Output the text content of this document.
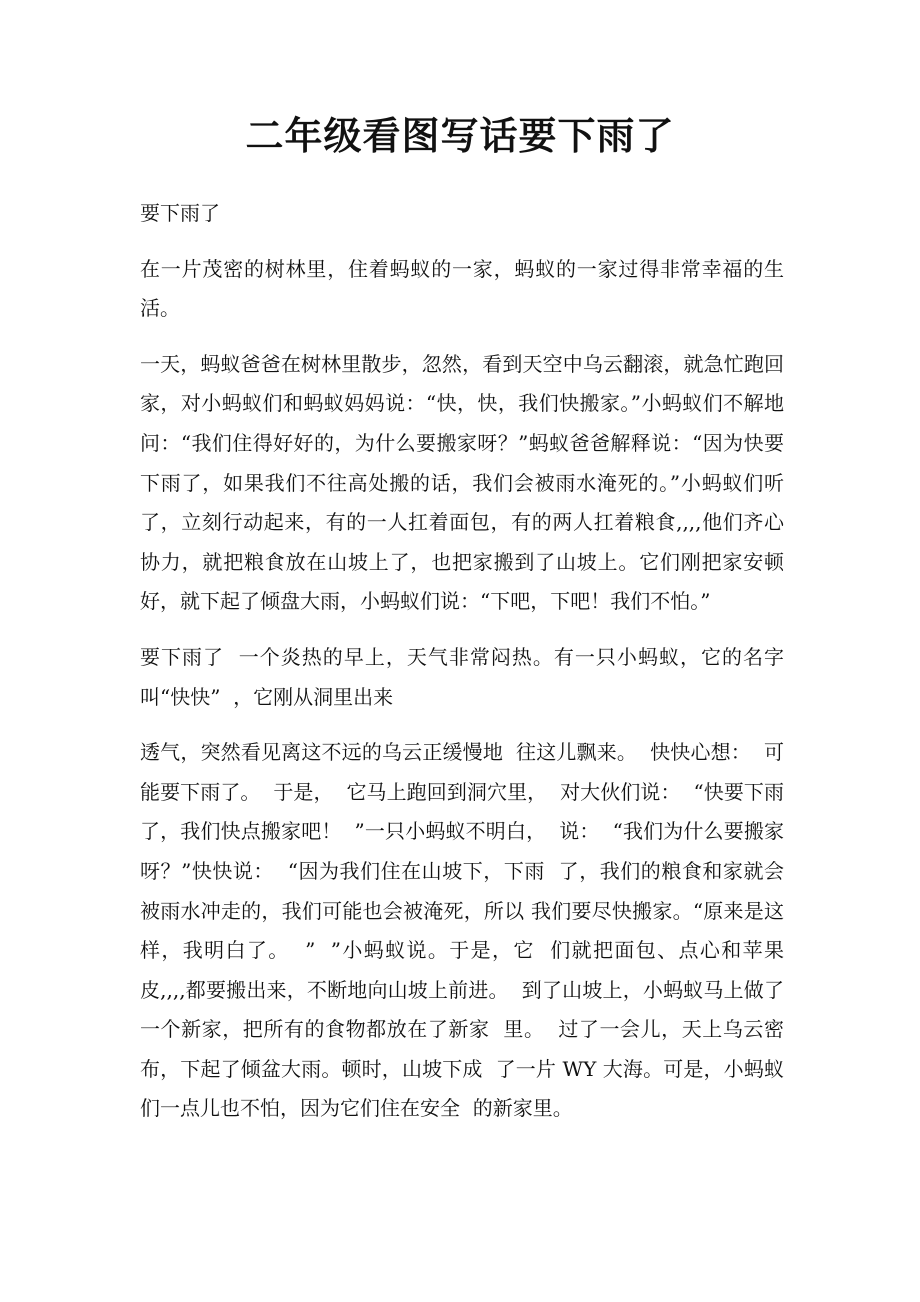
二年级看图写话要下雨了

要下雨了

在一片茂密的树林里，住着蚂蚁的一家，蚂蚁的一家过得非常幸福的生活。

一天，蚂蚁爸爸在树林里散步，忽然，看到天空中乌云翻滚，就急忙跑回家，对小蚂蚁们和蚂蚁妈妈说：“快，快，我们快搬家。”小蚂蚁们不解地问：“我们住得好好的，为什么要搬家呀？”蚂蚁爸爸解释说：“因为快要下雨了，如果我们不往高处搬的话，我们会被雨水淹死的。”小蚂蚁们听了，立刻行动起来，有的一人扛着面包，有的两人扛着粮食,,,,他们齐心协力，就把粮食放在山坡上了，也把家搬到了山坡上。它们刚把家安顿好，就下起了倾盘大雨，小蚂蚁们说：“下吧，下吧！我们不怕。”

要下雨了  一个炎热的早上，天气非常闷热。有一只小蚂蚁，它的名字叫“快快”  ，它刚从洞里出来

透气，突然看见离这不远的乌云正缓慢地  往这儿飘来。  快快心想：  可能要下雨了。  于是，  它马上跑回到洞穴里，  对大伙们说：  “快要下雨了，我们快点搬家吧！  ”一只小蚂蚁不明白，  说：  “我们为什么要搬家呀？”快快说：  “因为我们住在山坡下，下雨  了，我们的粮食和家就会被雨水冲走的，我们可能也会被淹死，所以 我们要尽快搬家。“原来是这样，我明白了。  ”  ”小蚂蚁说。于是，它  们就把面包、点心和苹果皮,,,,都要搬出来，不断地向山坡上前进。  到了山坡上，小蚂蚁马上做了一个新家，把所有的食物都放在了新家  里。  过了一会儿，天上乌云密布，下起了倾盆大雨。顿时，山坡下成  了一片 WY 大海。可是，小蚂蚁们一点儿也不怕，因为它们住在安全  的新家里。
